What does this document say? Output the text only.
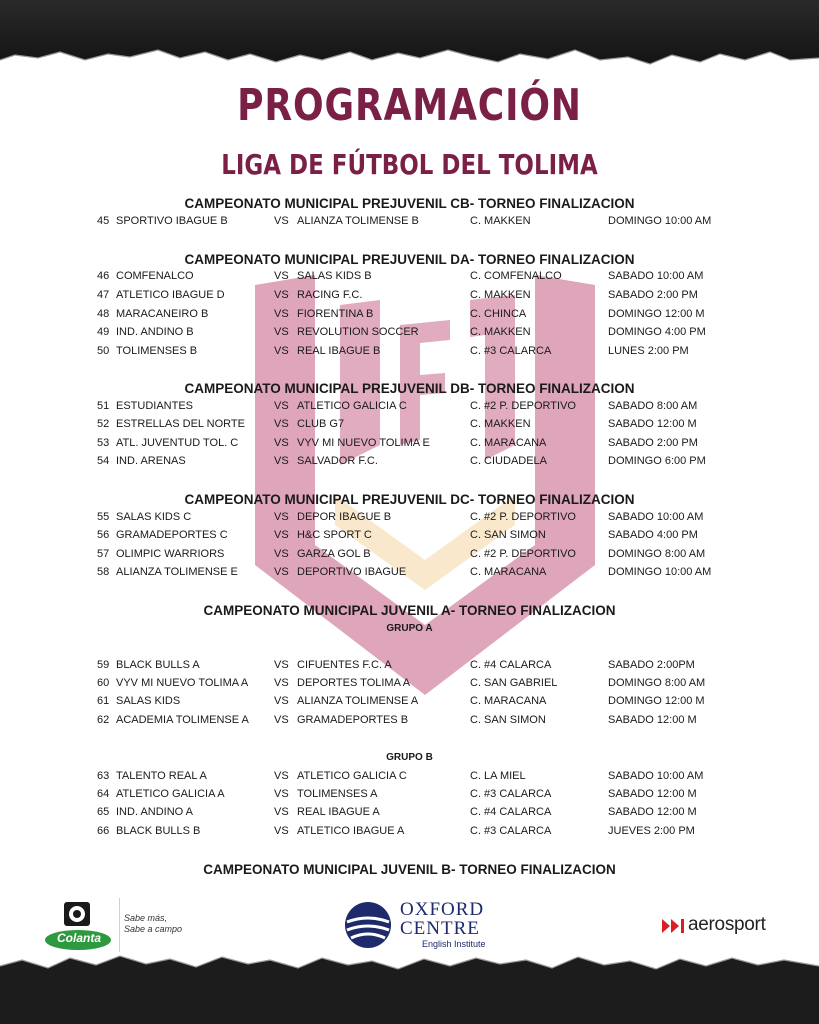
PROGRAMACIÓN
LIGA DE FÚTBOL DEL TOLIMA
CAMPEONATO MUNICIPAL PREJUVENIL CB- TORNEO FINALIZACION
45 SPORTIVO IBAGUE B	VS ALIANZA TOLIMENSE B	C. MAKKEN	DOMINGO 10:00 AM
CAMPEONATO MUNICIPAL PREJUVENIL DA- TORNEO FINALIZACION
46 COMFENALCO	VS SALAS KIDS B	C. COMFENALCO	SABADO 10:00 AM
47 ATLETICO IBAGUE D	VS RACING F.C.	C. MAKKEN	SABADO 2:00 PM
48 MARACANEIRO B	VS FIORENTINA B	C. CHINCA	DOMINGO 12:00 M
49 IND. ANDINO B	VS REVOLUTION SOCCER	C. MAKKEN	DOMINGO 4:00 PM
50 TOLIMENSES B	VS REAL IBAGUE B	C. #3 CALARCA	LUNES 2:00 PM
CAMPEONATO MUNICIPAL PREJUVENIL DB- TORNEO FINALIZACION
51 ESTUDIANTES	VS ATLETICO GALICIA C	C. #2 P. DEPORTIVO	SABADO 8:00 AM
52 ESTRELLAS DEL NORTE	VS CLUB G7	C. MAKKEN	SABADO 12:00 M
53 ATL. JUVENTUD TOL. C	VS VYV MI NUEVO TOLIMA E	C. MARACANA	SABADO 2:00 PM
54 IND. ARENAS	VS SALVADOR F.C.	C. CIUDADELA	DOMINGO 6:00 PM
CAMPEONATO MUNICIPAL PREJUVENIL DC- TORNEO FINALIZACION
55 SALAS KIDS C	VS DEPOR IBAGUE B	C. #2 P. DEPORTIVO	SABADO 10:00 AM
56 GRAMADEPORTES C	VS H&C SPORT C	C. SAN SIMON	SABADO 4:00 PM
57 OLIMPIC WARRIORS	VS GARZA GOL B	C. #2 P. DEPORTIVO	DOMINGO 8:00 AM
58 ALIANZA TOLIMENSE E	VS DEPORTIVO IBAGUE	C. MARACANA	DOMINGO 10:00 AM
CAMPEONATO MUNICIPAL JUVENIL A- TORNEO FINALIZACION
GRUPO A
59 BLACK BULLS A	VS CIFUENTES F.C. A	C. #4 CALARCA	SABADO 2:00PM
60 VYV MI NUEVO TOLIMA A VS DEPORTES TOLIMA A	C. SAN GABRIEL	DOMINGO 8:00 AM
61 SALAS KIDS	VS ALIANZA TOLIMENSE A	C. MARACANA	DOMINGO 12:00 M
62 ACADEMIA TOLIMENSE A VS GRAMADEPORTES B	C. SAN SIMON	SABADO 12:00 M
GRUPO B
63 TALENTO REAL A	VS ATLETICO GALICIA C	C. LA MIEL	SABADO 10:00 AM
64 ATLETICO GALICIA A	VS TOLIMENSES A	C. #3 CALARCA	SABADO 12:00 M
65 IND. ANDINO A	VS REAL IBAGUE A	C. #4 CALARCA	SABADO 12:00 M
66 BLACK BULLS B	VS ATLETICO IBAGUE A	C. #3 CALARCA	JUEVES 2:00 PM
CAMPEONATO MUNICIPAL JUVENIL B- TORNEO FINALIZACION
Colanta
Sabe más,
Sabe a campo
OXFORD
CENTRE
English Institute
aerosport
